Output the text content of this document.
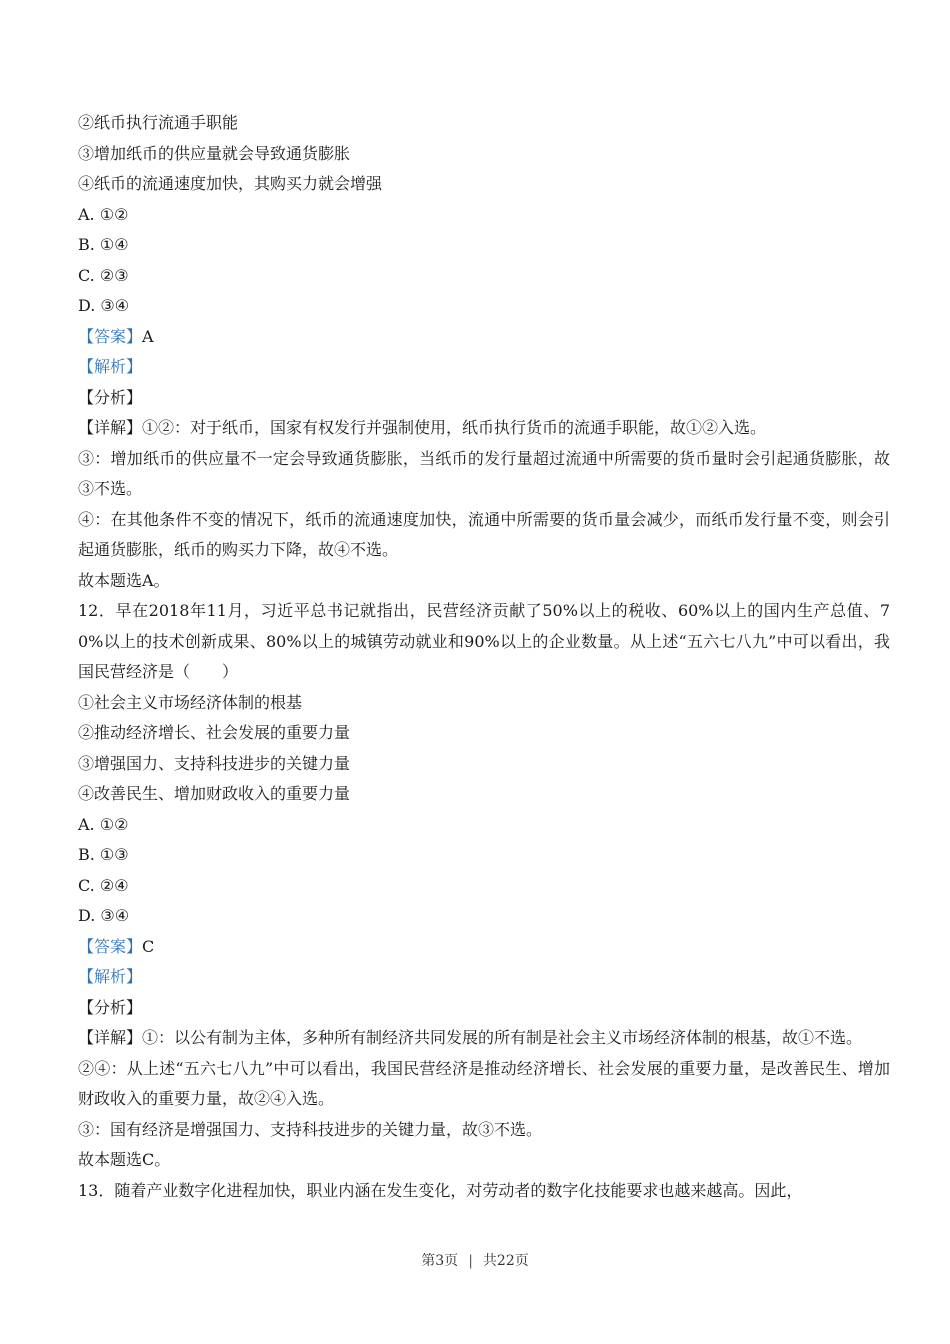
②纸币执行流通手职能
③增加纸币的供应量就会导致通货膨胀
④纸币的流通速度加快，其购买力就会增强
A. ①②
B. ①④
C. ②③
D. ③④
【答案】A
【解析】
【分析】
【详解】①②：对于纸币，国家有权发行并强制使用，纸币执行货币的流通手职能，故①②入选。
③：增加纸币的供应量不一定会导致通货膨胀，当纸币的发行量超过流通中所需要的货币量时会引起通货膨胀，故③不选。
④：在其他条件不变的情况下，纸币的流通速度加快，流通中所需要的货币量会减少，而纸币发行量不变，则会引起通货膨胀，纸币的购买力下降，故④不选。
故本题选A。
12．早在2018年11月，习近平总书记就指出，民营经济贡献了50%以上的税收、60%以上的国内生产总值、70%以上的技术创新成果、80%以上的城镇劳动就业和90%以上的企业数量。从上述“五六七八九”中可以看出，我国民营经济是（　　）
①社会主义市场经济体制的根基
②推动经济增长、社会发展的重要力量
③增强国力、支持科技进步的关键力量
④改善民生、增加财政收入的重要力量
A. ①②
B. ①③
C. ②④
D. ③④
【答案】C
【解析】
【分析】
【详解】①：以公有制为主体，多种所有制经济共同发展的所有制是社会主义市场经济体制的根基，故①不选。
②④：从上述“五六七八九”中可以看出，我国民营经济是推动经济增长、社会发展的重要力量，是改善民生、增加财政收入的重要力量，故②④入选。
③：国有经济是增强国力、支持科技进步的关键力量，故③不选。
故本题选C。
13．随着产业数字化进程加快，职业内涵在发生变化，对劳动者的数字化技能要求也越来越高。因此，
第3页 | 共22页
